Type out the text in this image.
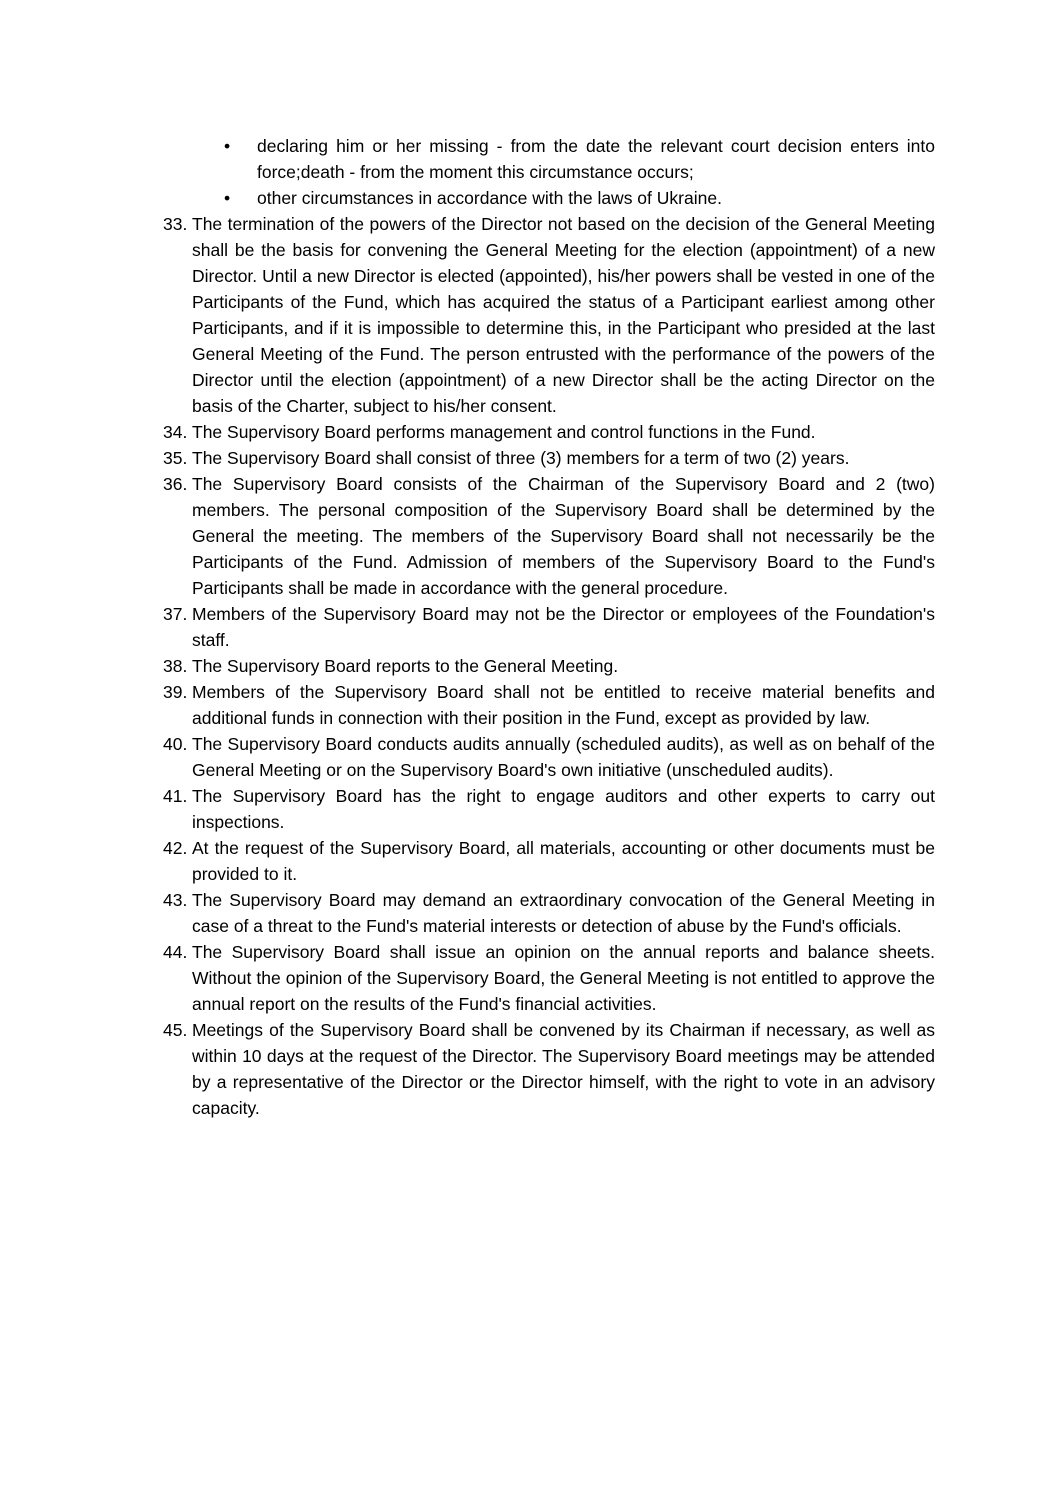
• declaring him or her missing - from the date the relevant court decision enters into force;death - from the moment this circumstance occurs;
• other circumstances in accordance with the laws of Ukraine.
33. The termination of the powers of the Director not based on the decision of the General Meeting shall be the basis for convening the General Meeting for the election (appointment) of a new Director. Until a new Director is elected (appointed), his/her powers shall be vested in one of the Participants of the Fund, which has acquired the status of a Participant earliest among other Participants, and if it is impossible to determine this, in the Participant who presided at the last General Meeting of the Fund. The person entrusted with the performance of the powers of the Director until the election (appointment) of a new Director shall be the acting Director on the basis of the Charter, subject to his/her consent.
34. The Supervisory Board performs management and control functions in the Fund.
35. The Supervisory Board shall consist of three (3) members for a term of two (2) years.
36. The Supervisory Board consists of the Chairman of the Supervisory Board and 2 (two) members. The personal composition of the Supervisory Board shall be determined by the General the meeting. The members of the Supervisory Board shall not necessarily be the Participants of the Fund. Admission of members of the Supervisory Board to the Fund's Participants shall be made in accordance with the general procedure.
37. Members of the Supervisory Board may not be the Director or employees of the Foundation's staff.
38. The Supervisory Board reports to the General Meeting.
39. Members of the Supervisory Board shall not be entitled to receive material benefits and additional funds in connection with their position in the Fund, except as provided by law.
40. The Supervisory Board conducts audits annually (scheduled audits), as well as on behalf of the General Meeting or on the Supervisory Board's own initiative (unscheduled audits).
41. The Supervisory Board has the right to engage auditors and other experts to carry out inspections.
42. At the request of the Supervisory Board, all materials, accounting or other documents must be provided to it.
43. The Supervisory Board may demand an extraordinary convocation of the General Meeting in case of a threat to the Fund's material interests or detection of abuse by the Fund's officials.
44. The Supervisory Board shall issue an opinion on the annual reports and balance sheets. Without the opinion of the Supervisory Board, the General Meeting is not entitled to approve the annual report on the results of the Fund's financial activities.
45. Meetings of the Supervisory Board shall be convened by its Chairman if necessary, as well as within 10 days at the request of the Director. The Supervisory Board meetings may be attended by a representative of the Director or the Director himself, with the right to vote in an advisory capacity.
